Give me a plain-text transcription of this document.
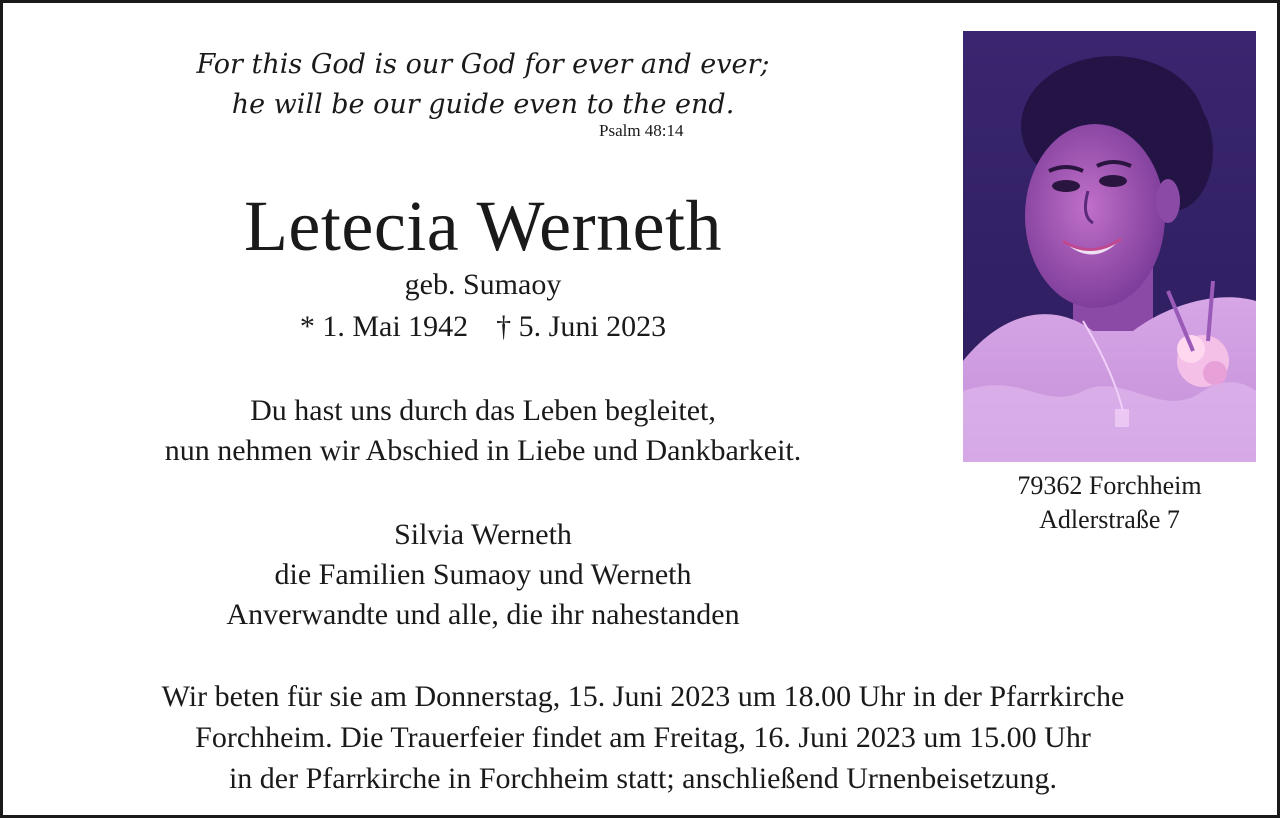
For this God is our God for ever and ever;
he will be our guide even to the end.
Psalm 48:14
Letecia Werneth
geb. Sumaoy
* 1. Mai 1942 † 5. Juni 2023
Du hast uns durch das Leben begleitet,
nun nehmen wir Abschied in Liebe und Dankbarkeit.
Silvia Werneth
die Familien Sumaoy und Werneth
Anverwandte und alle, die ihr nahestanden
79362 Forchheim
Adlerstraße 7
Wir beten für sie am Donnerstag, 15. Juni 2023 um 18.00 Uhr in der Pfarrkirche
Forchheim. Die Trauerfeier findet am Freitag, 16. Juni 2023 um 15.00 Uhr
in der Pfarrkirche in Forchheim statt; anschließend Urnenbeisetzung.
